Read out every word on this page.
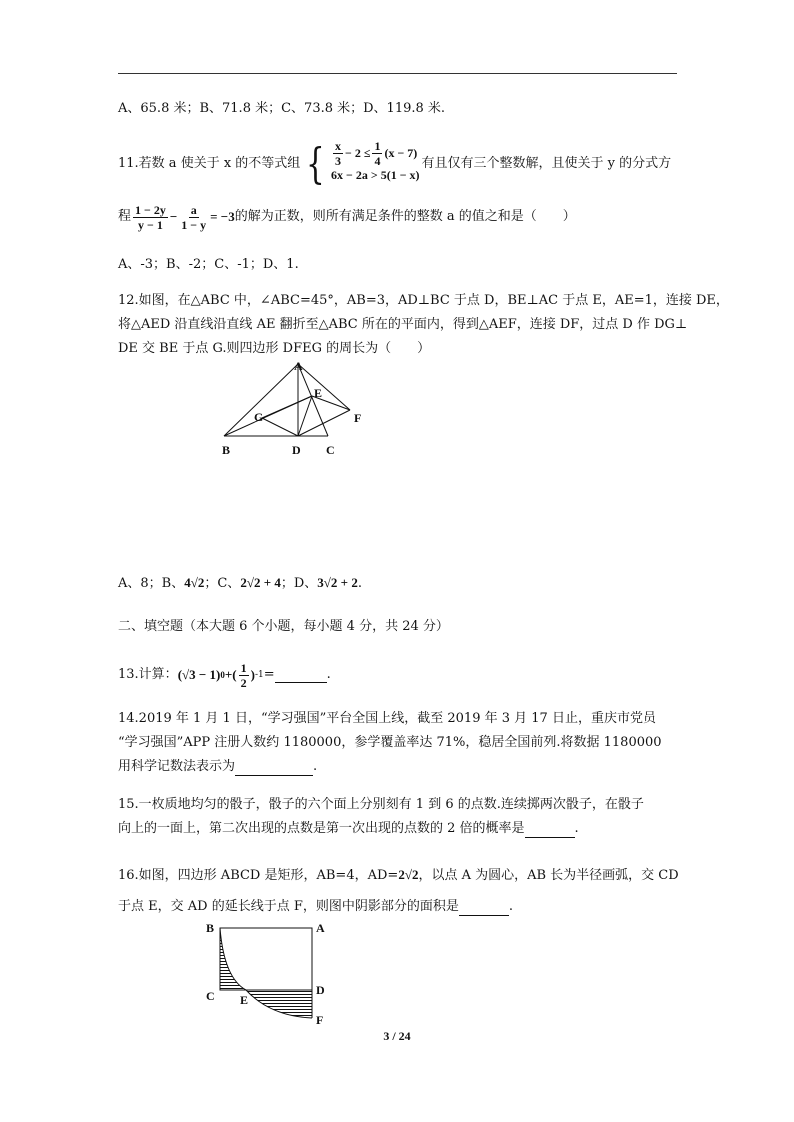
A、65.8 米；B、71.8 米；C、73.8 米；D、119.8 米.
11.若数 a 使关于 x 的不等式组 { $\frac{x}{3} - 2 \le \frac{1}{4} (x - 7)$
6x − 2a > 5(1 − x)
有且仅有三个整数解，且使关于 y 的分式方
程 $\frac{1 - 2y}{y - 1} - \frac{a}{1 - y} = -3$ 的解为正数，则所有满足条件的整数 a 的值之和是（　　）
A、-3；B、-2；C、-1；D、1.
12.如图，在△ABC 中，∠ABC=45°，AB=3，AD⊥BC 于点 D，BE⊥AC 于点 E，AE=1，连接 DE，
将△AED 沿直线沿直线 AE 翻折至△ABC 所在的平面内，得到△AEF，连接 DF，过点 D 作 DG⊥
DE 交 BE 于点 G.则四边形 DFEG 的周长为（　　）
A
B	C
D
E
F
G
A、8；B、4√2；C、2√2 + 4；D、3√2 + 2.
二、填空题（本大题 6 个小题，每小题 4 分，共 24 分）
13.计算： (√3 − 1) 0 +( $\frac{1}{2}$ ) -1 =	.
14.2019 年 1 月 1 日，“学习强国”平台全国上线，截至 2019 年 3 月 17 日止，重庆市党员
“学习强国”APP 注册人数约 1180000，参学覆盖率达 71%，稳居全国前列.将数据 1180000
用科学记数法表示为	.
15.一枚质地均匀的骰子，骰子的六个面上分别刻有 1 到 6 的点数.连续掷两次骰子，在骰子
向上的一面上，第二次出现的点数是第一次出现的点数的 2 倍的概率是	.
16.如图，四边形 ABCD 是矩形，AB=4，AD=2√2，以点 A 为圆心，AB 长为半径画弧，交 CD
于点 E，交 AD 的延长线于点 F，则图中阴影部分的面积是	.
B	A
C	D
E
F
3 / 24
